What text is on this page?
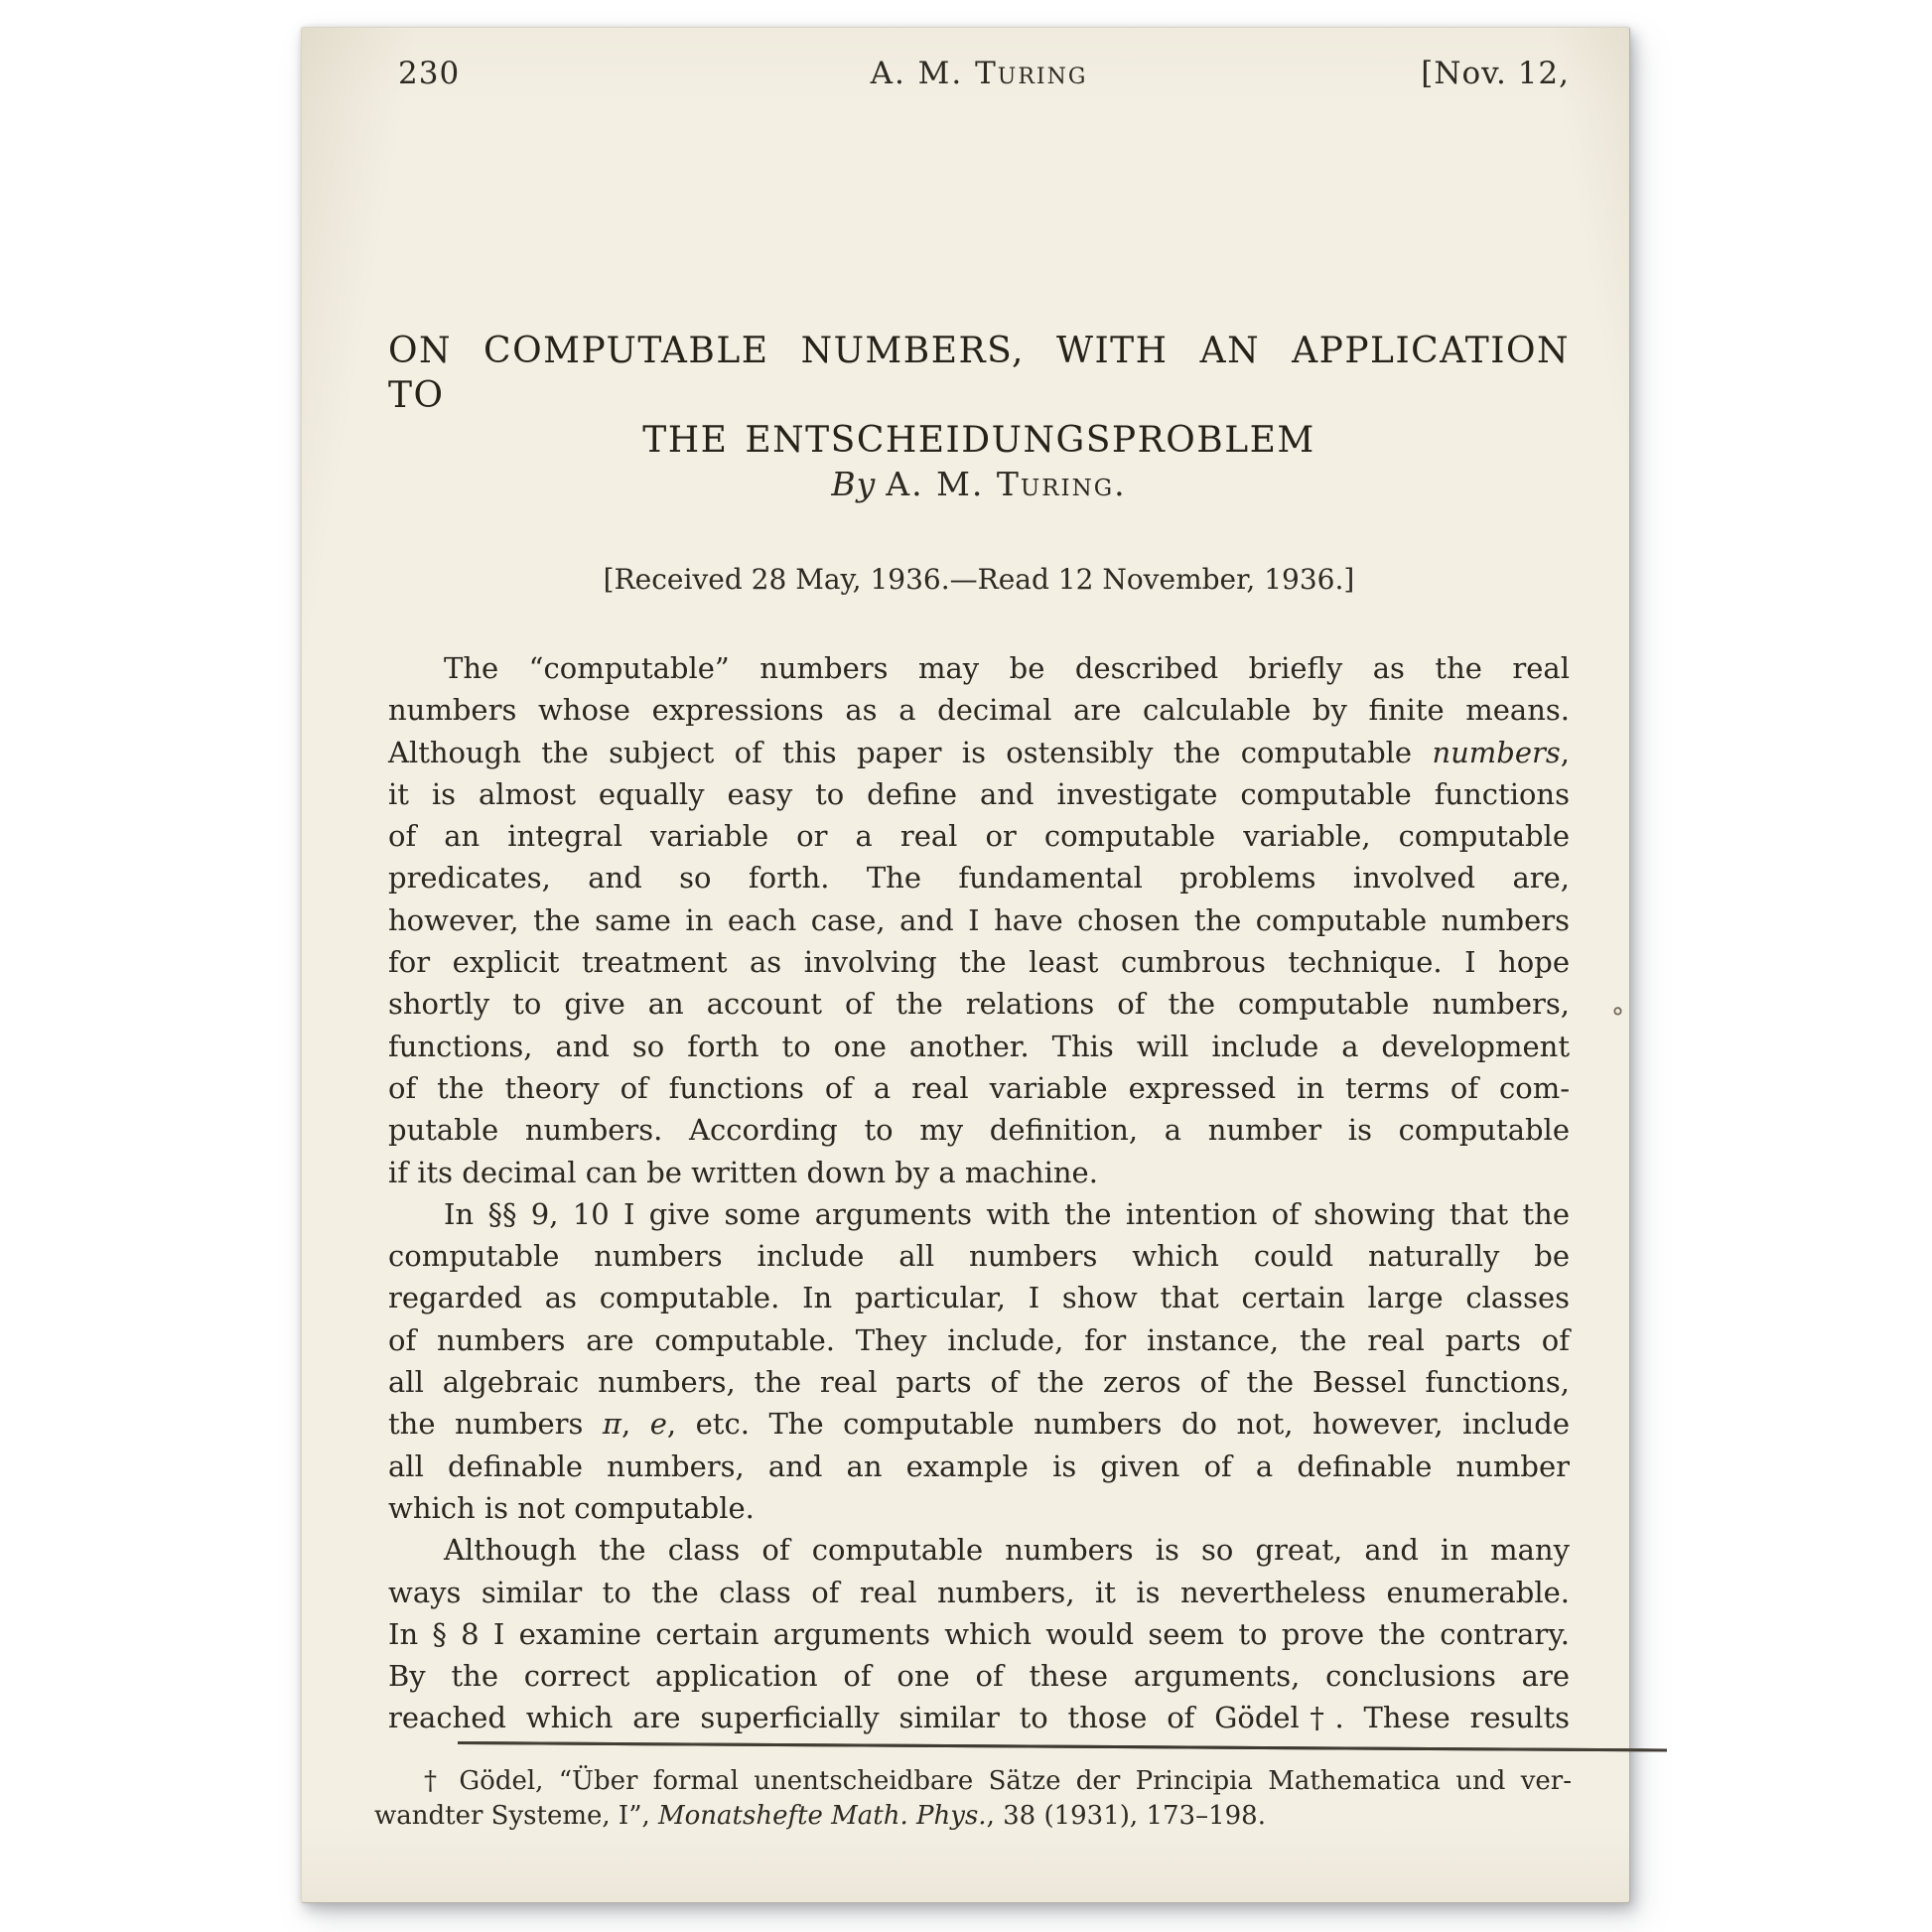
230	A. M. Turing	[Nov. 12,
ON COMPUTABLE NUMBERS, WITH AN APPLICATION TO
THE ENTSCHEIDUNGSPROBLEM
By A. M. Turing.
[Received 28 May, 1936.—Read 12 November, 1936.]
The “computable” numbers may be described briefly as the real
numbers whose expressions as a decimal are calculable by finite means.
Although the subject of this paper is ostensibly the computable numbers,
it is almost equally easy to define and investigate computable functions
of an integral variable or a real or computable variable, computable
predicates, and so forth. The fundamental problems involved are,
however, the same in each case, and I have chosen the computable numbers
for explicit treatment as involving the least cumbrous technique. I hope
shortly to give an account of the relations of the computable numbers,
functions, and so forth to one another. This will include a development
of the theory of functions of a real variable expressed in terms of com-
putable numbers. According to my definition, a number is computable
if its decimal can be written down by a machine.
In §§ 9, 10 I give some arguments with the intention of showing that the
computable numbers include all numbers which could naturally be
regarded as computable. In particular, I show that certain large classes
of numbers are computable. They include, for instance, the real parts of
all algebraic numbers, the real parts of the zeros of the Bessel functions,
the numbers π, e, etc. The computable numbers do not, however, include
all definable numbers, and an example is given of a definable number
which is not computable.
Although the class of computable numbers is so great, and in many
ways similar to the class of real numbers, it is nevertheless enumerable.
In § 8 I examine certain arguments which would seem to prove the contrary.
By the correct application of one of these arguments, conclusions are
reached which are superficially similar to those of Gödel†. These results
† Gödel, “Über formal unentscheidbare Sätze der Principia Mathematica und ver-
wandter Systeme, I”, Monatshefte Math. Phys., 38 (1931), 173–198.
°
